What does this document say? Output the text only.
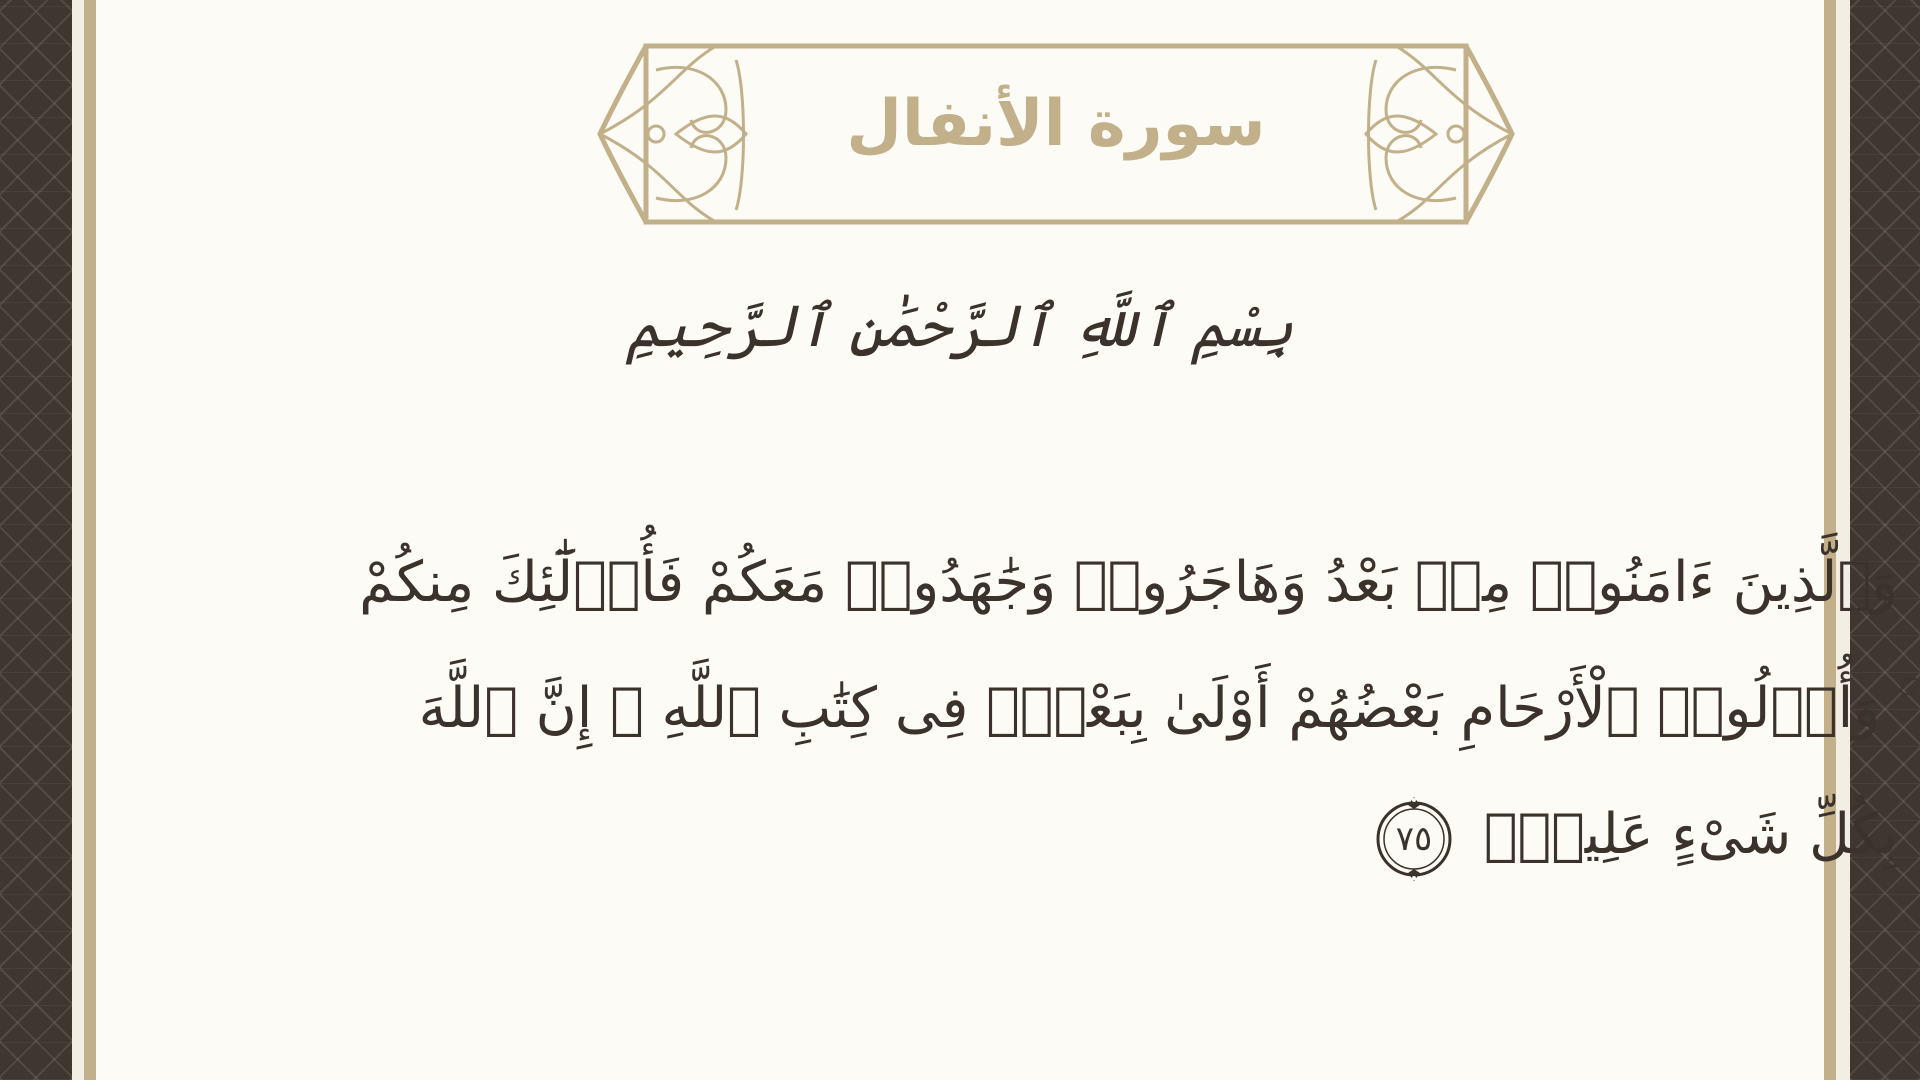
سورة الأنفال
بِسْمِ ٱللَّهِ ٱلرَّحْمَٰنِ ٱلرَّحِيمِ
وَٱلَّذِينَ ءَامَنُوا۟ مِنۢ بَعْدُ وَهَاجَرُوا۟ وَجَٰهَدُوا۟ مَعَكُمْ فَأُو۟لَٰٓئِكَ مِنكُمْ ۚ وَأُو۟لُوا۟ ٱلْأَرْحَامِ بَعْضُهُمْ أَوْلَىٰ بِبَعْضٍۢ فِى كِتَٰبِ ٱللَّهِ ۗ إِنَّ ٱللَّهَ بِكُلِّ شَىْءٍ عَلِيمٌۢ
٧٥
